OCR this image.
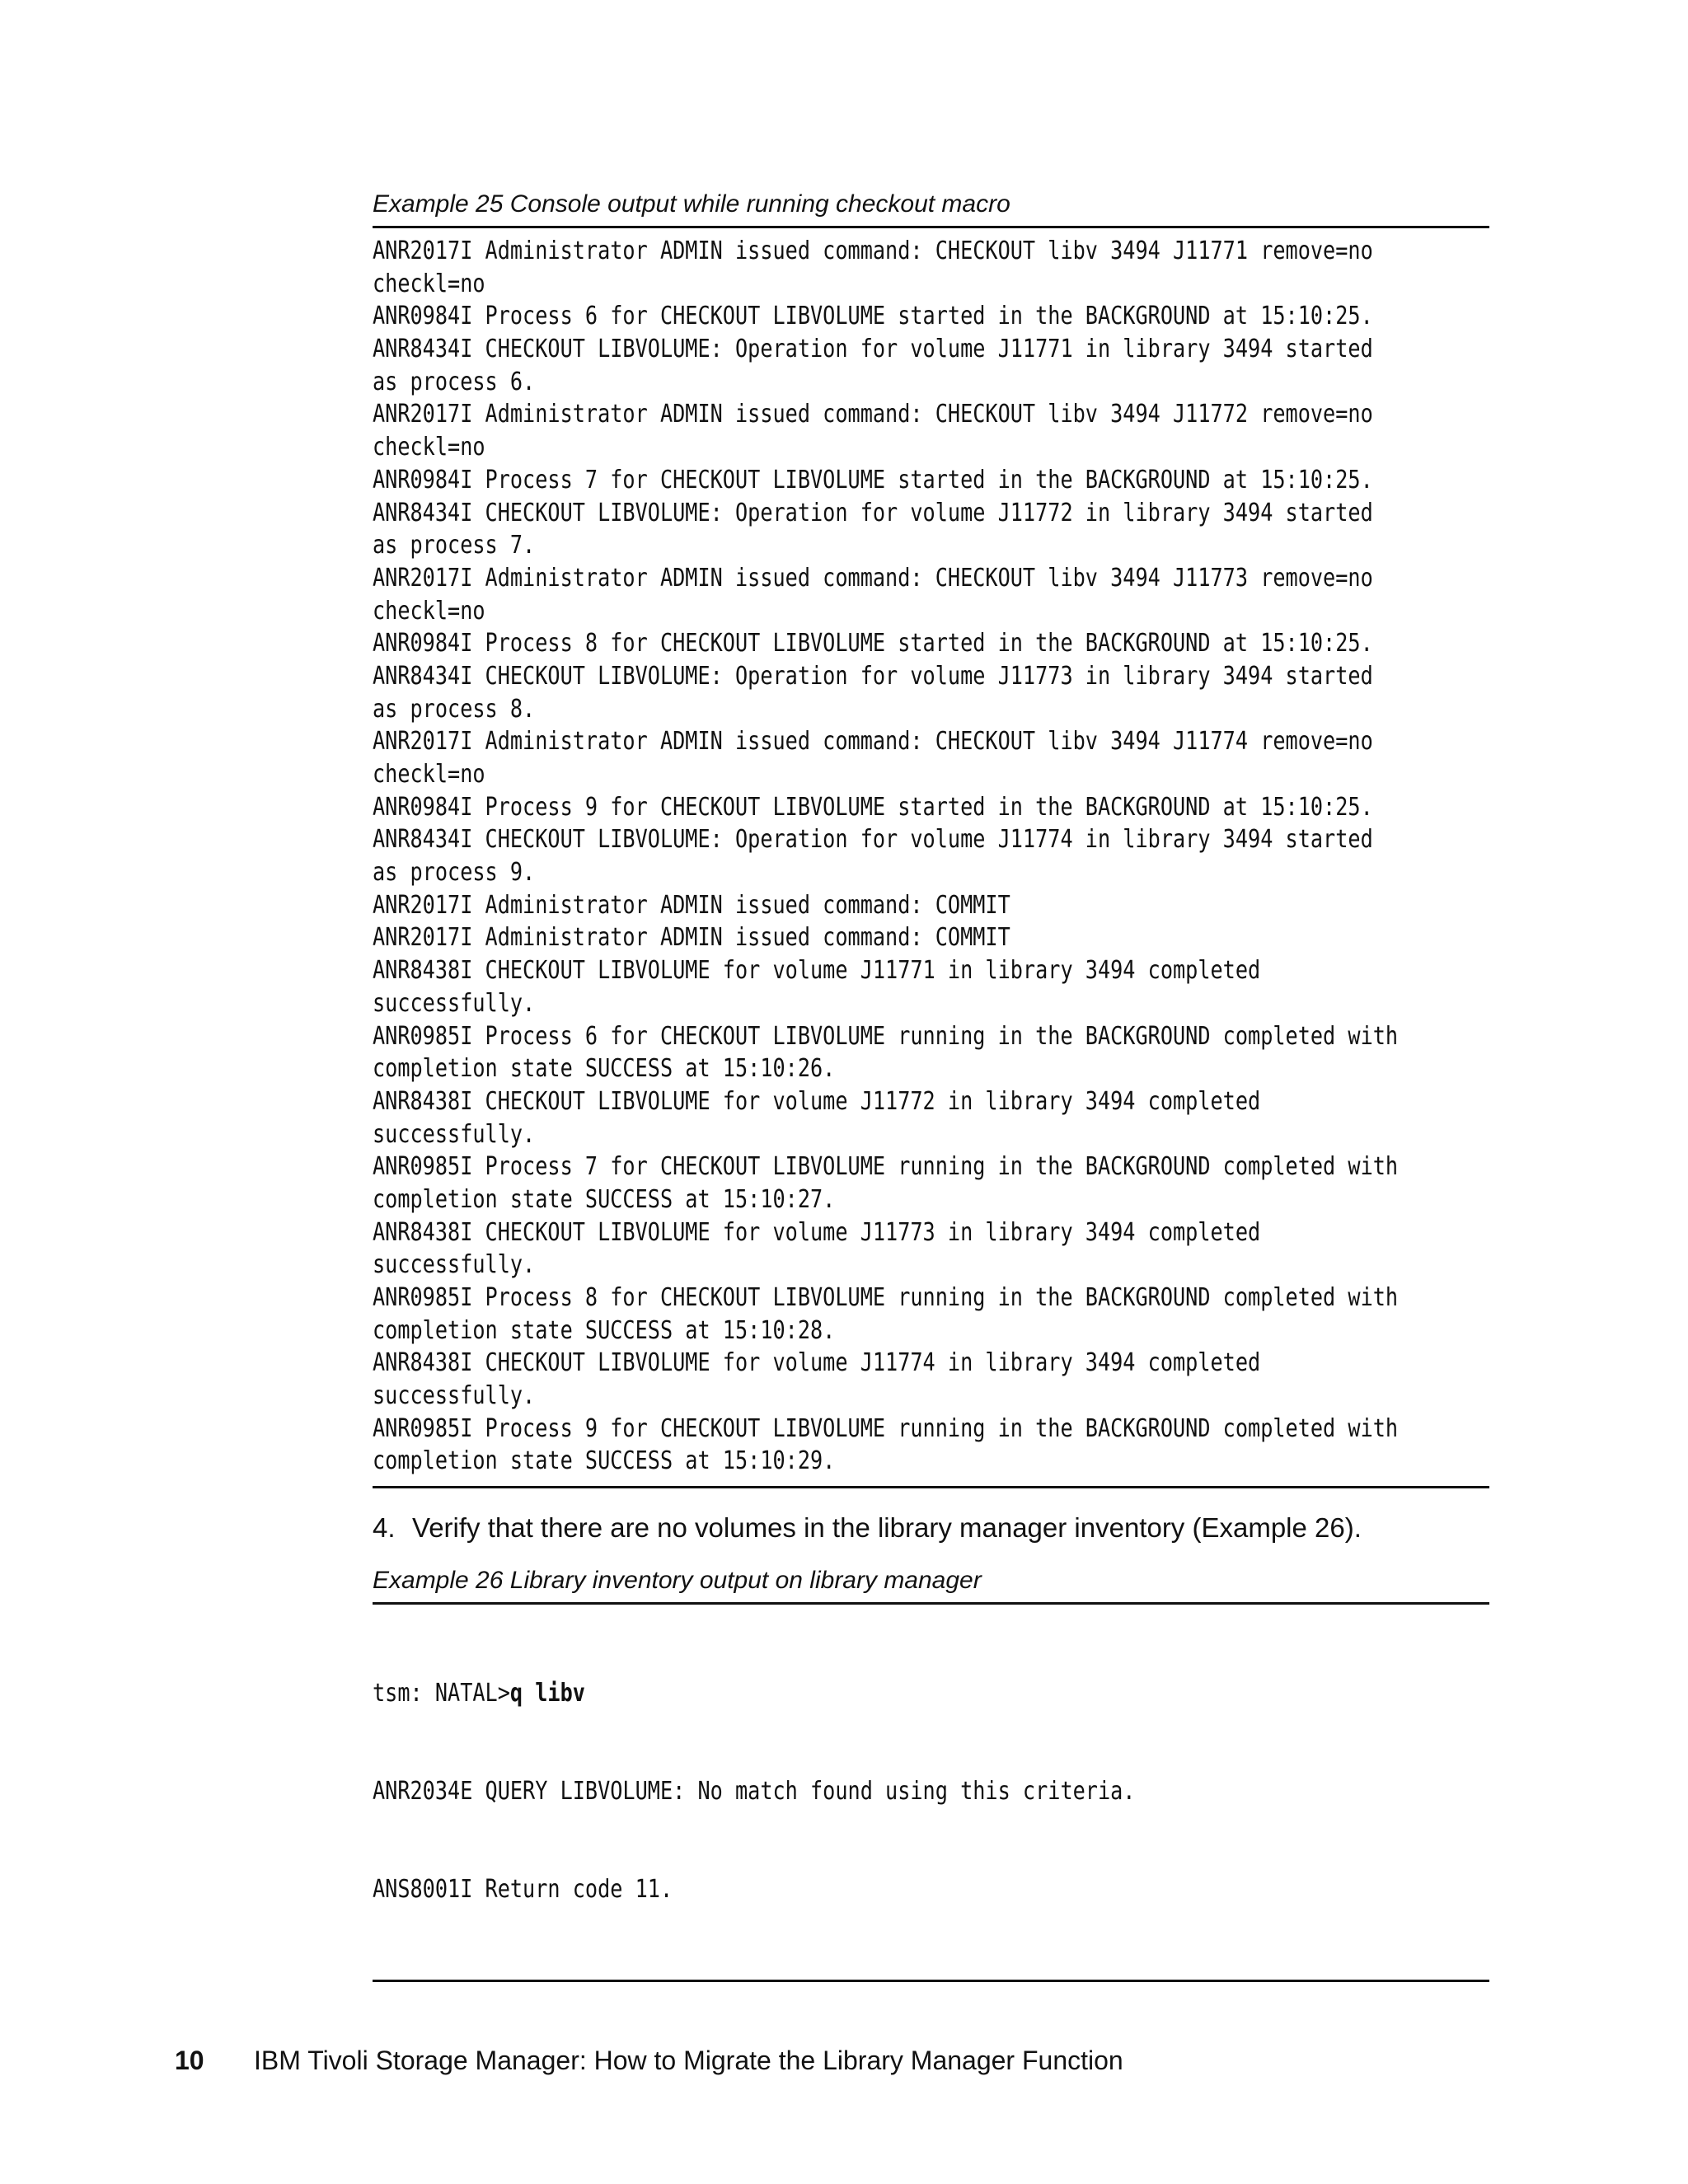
Example 25 Console output while running checkout macro

ANR2017I Administrator ADMIN issued command: CHECKOUT libv 3494 J11771 remove=no
checkl=no
ANR0984I Process 6 for CHECKOUT LIBVOLUME started in the BACKGROUND at 15:10:25.
ANR8434I CHECKOUT LIBVOLUME: Operation for volume J11771 in library 3494 started
as process 6.
ANR2017I Administrator ADMIN issued command: CHECKOUT libv 3494 J11772 remove=no
checkl=no
ANR0984I Process 7 for CHECKOUT LIBVOLUME started in the BACKGROUND at 15:10:25.
ANR8434I CHECKOUT LIBVOLUME: Operation for volume J11772 in library 3494 started
as process 7.
ANR2017I Administrator ADMIN issued command: CHECKOUT libv 3494 J11773 remove=no
checkl=no
ANR0984I Process 8 for CHECKOUT LIBVOLUME started in the BACKGROUND at 15:10:25.
ANR8434I CHECKOUT LIBVOLUME: Operation for volume J11773 in library 3494 started
as process 8.
ANR2017I Administrator ADMIN issued command: CHECKOUT libv 3494 J11774 remove=no
checkl=no
ANR0984I Process 9 for CHECKOUT LIBVOLUME started in the BACKGROUND at 15:10:25.
ANR8434I CHECKOUT LIBVOLUME: Operation for volume J11774 in library 3494 started
as process 9.
ANR2017I Administrator ADMIN issued command: COMMIT
ANR2017I Administrator ADMIN issued command: COMMIT
ANR8438I CHECKOUT LIBVOLUME for volume J11771 in library 3494 completed
successfully.
ANR0985I Process 6 for CHECKOUT LIBVOLUME running in the BACKGROUND completed with
completion state SUCCESS at 15:10:26.
ANR8438I CHECKOUT LIBVOLUME for volume J11772 in library 3494 completed
successfully.
ANR0985I Process 7 for CHECKOUT LIBVOLUME running in the BACKGROUND completed with
completion state SUCCESS at 15:10:27.
ANR8438I CHECKOUT LIBVOLUME for volume J11773 in library 3494 completed
successfully.
ANR0985I Process 8 for CHECKOUT LIBVOLUME running in the BACKGROUND completed with
completion state SUCCESS at 15:10:28.
ANR8438I CHECKOUT LIBVOLUME for volume J11774 in library 3494 completed
successfully.
ANR0985I Process 9 for CHECKOUT LIBVOLUME running in the BACKGROUND completed with
completion state SUCCESS at 15:10:29.
4. Verify that there are no volumes in the library manager inventory (Example 26).

Example 26 Library inventory output on library manager

tsm: NATAL>q libv

ANR2034E QUERY LIBVOLUME: No match found using this criteria.

ANS8001I Return code 11.

10	IBM Tivoli Storage Manager: How to Migrate the Library Manager Function
